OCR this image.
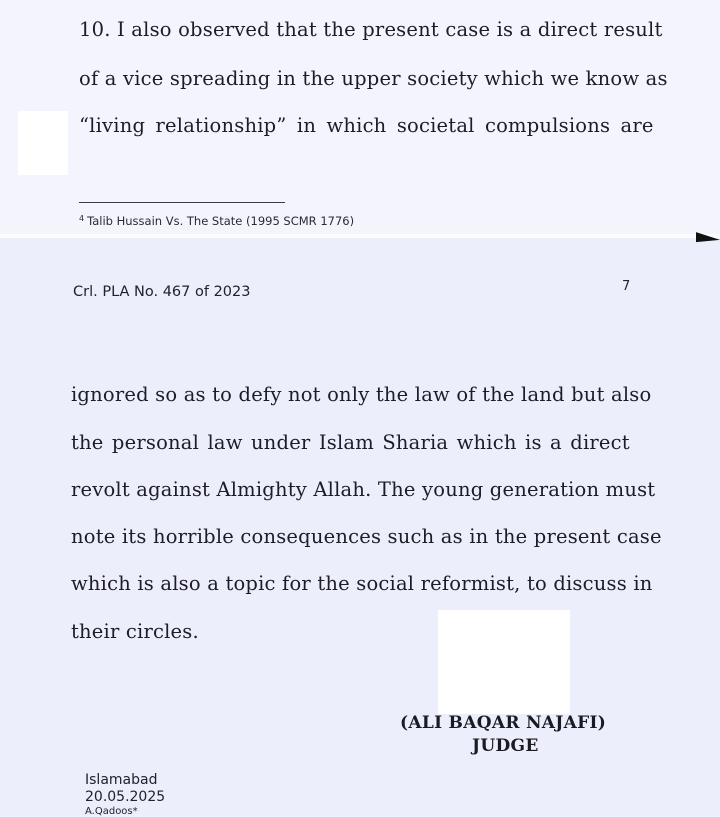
10. I also observed that the present case is a direct result
of a vice spreading in the upper society which we know as
“living relationship” in which societal compulsions are
$^4$ Talib Hussain Vs. The State (1995 SCMR 1776)
Crl. PLA No. 467 of 2023	7
ignored so as to defy not only the law of the land but also
the personal law under Islam Sharia which is a direct
revolt against Almighty Allah. The young generation must
note its horrible consequences such as in the present case
which is also a topic for the social reformist, to discuss in
their circles.
(ALI BAQAR NAJAFI)
JUDGE
Islamabad
20.05.2025
A.Qadoos*
